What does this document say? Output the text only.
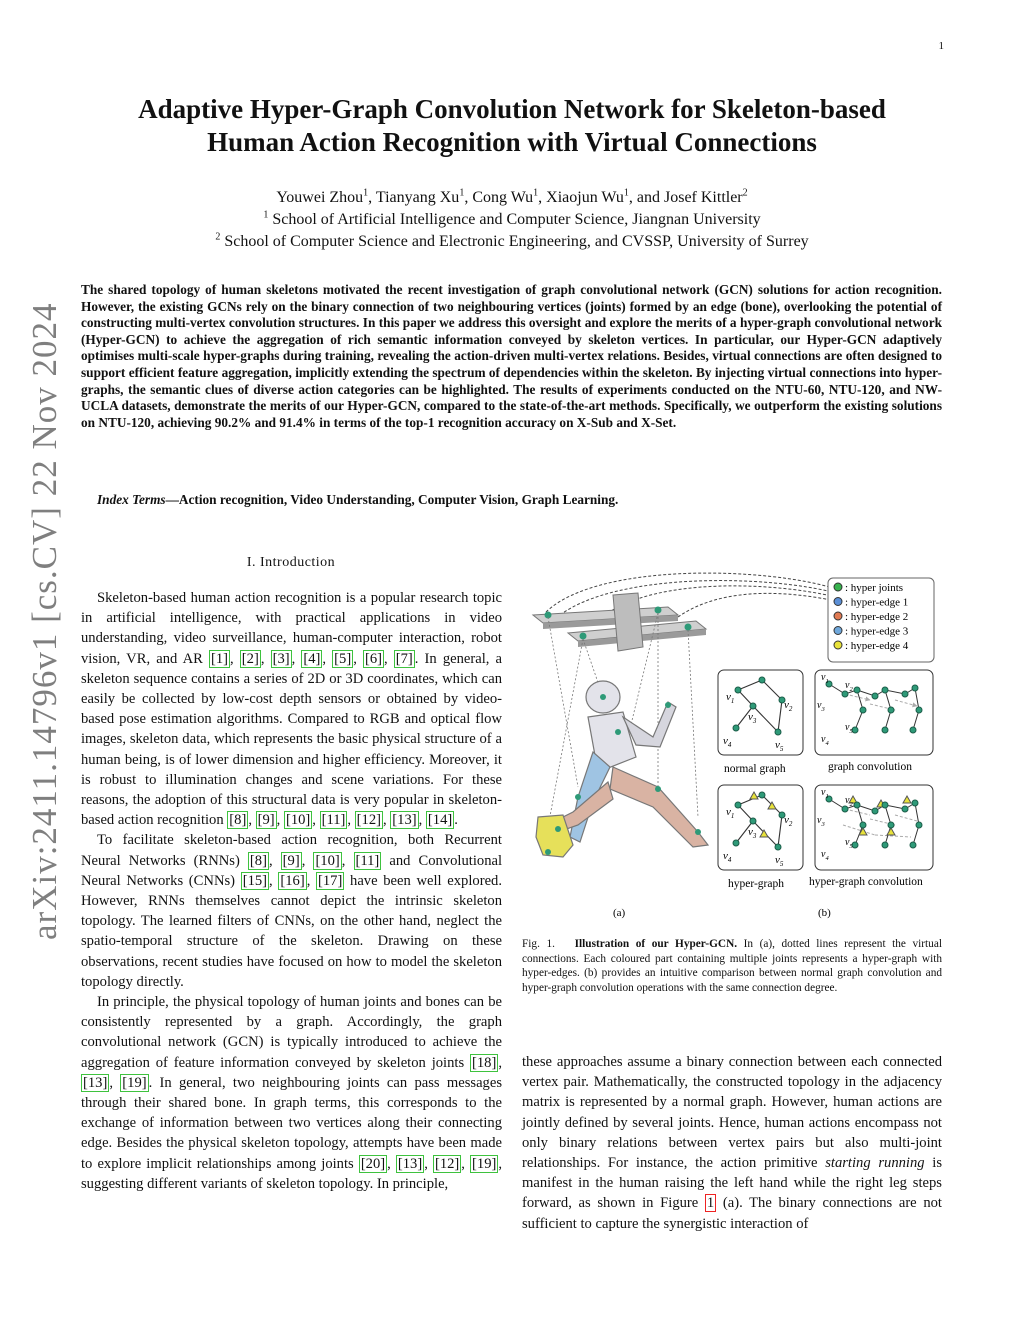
1
arXiv:2411.14796v1 [cs.CV] 22 Nov 2024
Adaptive Hyper-Graph Convolution Network for Skeleton-based
Human Action Recognition with Virtual Connections
Youwei Zhou$^1$, Tianyang Xu$^1$, Cong Wu$^1$, Xiaojun Wu$^1$, and Josef Kittler$^2$
$^1$ School of Artificial Intelligence and Computer Science, Jiangnan University
$^2$ School of Computer Science and Electronic Engineering, and CVSSP, University of Surrey
The shared topology of human skeletons motivated the recent investigation of graph convolutional network (GCN) solutions for action recognition. However, the existing GCNs rely on the binary connection of two neighbouring vertices (joints) formed by an edge (bone), overlooking the potential of constructing multi-vertex convolution structures. In this paper we address this oversight and explore the merits of a hyper-graph convolutional network (Hyper-GCN) to achieve the aggregation of rich semantic information conveyed by skeleton vertices. In particular, our Hyper-GCN adaptively optimises multi-scale hyper-graphs during training, revealing the action-driven multi-vertex relations. Besides, virtual connections are often designed to support efficient feature aggregation, implicitly extending the spectrum of dependencies within the skeleton. By injecting virtual connections into hyper-graphs, the semantic clues of diverse action categories can be highlighted. The results of experiments conducted on the NTU-60, NTU-120, and NW-UCLA datasets, demonstrate the merits of our Hyper-GCN, compared to the state-of-the-art methods. Specifically, we outperform the existing solutions on NTU-120, achieving 90.2% and 91.4% in terms of the top-1 recognition accuracy on X-Sub and X-Set.
Index Terms—Action recognition, Video Understanding, Computer Vision, Graph Learning.
I. Introduction

Skeleton-based human action recognition is a popular research topic in artificial intelligence, with practical applications in video understanding, video surveillance, human-computer interaction, robot vision, VR, and AR [1] , [2] , [3] , [4] , [5] , [6] , [7] . In general, a skeleton sequence contains a series of 2D or 3D coordinates, which can easily be collected by low-cost depth sensors or obtained by video-based pose estimation algorithms. Compared to RGB and optical flow images, skeleton data, which represents the basic physical structure of a human being, is of lower dimension and higher efficiency. Moreover, it is robust to illumination changes and scene variations. For these reasons, the adoption of this structural data is very popular in skeleton-based action recognition [8] , [9] , [10] , [11] , [12] , [13] , [14] .

To facilitate skeleton-based action recognition, both Recurrent Neural Networks (RNNs) [8] , [9] , [10] , [11] and Convolutional Neural Networks (CNNs) [15] , [16] , [17] have been well explored. However, RNNs themselves cannot depict the intrinsic skeleton topology. The learned filters of CNNs, on the other hand, neglect the spatio-temporal structure of the skeleton. Drawing on these observations, recent studies have focused on how to model the skeleton topology directly.

In principle, the physical topology of human joints and bones can be consistently represented by a graph. Accordingly, the graph convolutional network (GCN) is typically introduced to achieve the aggregation of feature information conveyed by skeleton joints [18] , [13] , [19] . In general, two neighbouring joints can pass messages through their shared bone. In graph terms, this corresponds to the exchange of information between two vertices along their connecting edge. Besides the physical skeleton topology, attempts have been made to explore implicit relationships among joints [20] , [13] , [12] , [19] , suggesting different variants of skeleton topology. In principle,

: hyper joints
: hyper-edge 1
: hyper-edge 2
: hyper-edge 3
: hyper-edge 4
$v_1$	$v_2$
$v_3$
$v_4$	$v_5$
normal graph
$v_1$ $v_2$
$v_3$
$v_4$
$v_5$
graph convolution
$v_1$	$v_2$
$v_3$
$v_4$	$v_5$
hyper-graph
$v_1$ $v_2$
$v_3$
$v_4$
$v_5$
hyper-graph convolution
(a)	(b)
Fig. 1. Illustration of our Hyper-GCN. In (a), dotted lines represent the virtual connections. Each coloured part containing multiple joints represents a hyper-graph with hyper-edges. (b) provides an intuitive comparison between normal graph convolution and hyper-graph convolution operations with the same connection degree.

these approaches assume a binary connection between each connected vertex pair. Mathematically, the constructed topology in the adjacency matrix is represented by a normal graph. However, human actions are jointly defined by several joints. Hence, human actions encompass not only binary relations between vertex pairs but also multi-joint relationships. For instance, the action primitive starting running is manifest in the human raising the left hand while the right leg steps forward, as shown in Figure 1 (a). The binary connections are not sufficient to capture the synergistic interaction of
